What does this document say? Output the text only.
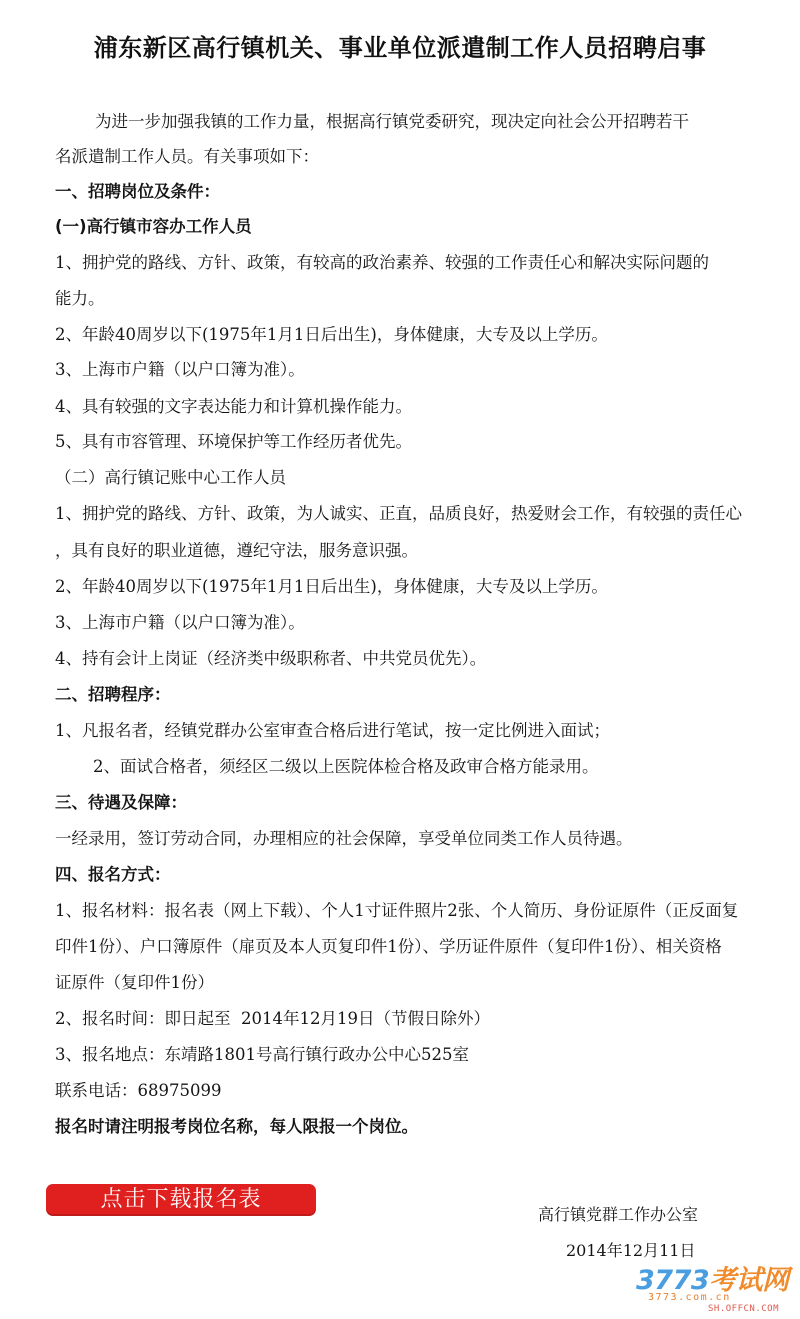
浦东新区高行镇机关、事业单位派遣制工作人员招聘启事
为进一步加强我镇的工作力量，根据高行镇党委研究，现决定向社会公开招聘若干
名派遣制工作人员。有关事项如下：
一、招聘岗位及条件：
(一)高行镇市容办工作人员
1、拥护党的路线、方针、政策，有较高的政治素养、较强的工作责任心和解决实际问题的
能力。
2、年龄40周岁以下(1975年1月1日后出生)，身体健康，大专及以上学历。
3、上海市户籍（以户口簿为准）。
4、具有较强的文字表达能力和计算机操作能力。
5、具有市容管理、环境保护等工作经历者优先。
（二）高行镇记账中心工作人员
1、拥护党的路线、方针、政策，为人诚实、正直，品质良好，热爱财会工作，有较强的责任心
，具有良好的职业道德，遵纪守法，服务意识强。
2、年龄40周岁以下(1975年1月1日后出生)，身体健康，大专及以上学历。
3、上海市户籍（以户口簿为准）。
4、持有会计上岗证（经济类中级职称者、中共党员优先）。
二、招聘程序：
1、凡报名者，经镇党群办公室审查合格后进行笔试，按一定比例进入面试；
2、面试合格者，须经区二级以上医院体检合格及政审合格方能录用。
三、待遇及保障：
一经录用，签订劳动合同，办理相应的社会保障，享受单位同类工作人员待遇。
四、报名方式：
1、报名材料：报名表（网上下载）、个人1寸证件照片2张、个人简历、身份证原件（正反面复
印件1份）、户口簿原件（扉页及本人页复印件1份）、学历证件原件（复印件1份）、相关资格
证原件（复印件1份）
2、报名时间：即日起至  2014年12月19日（节假日除外）
3、报名地点：东靖路1801号高行镇行政办公中心525室
联系电话：68975099
报名时请注明报考岗位名称，每人限报一个岗位。
点击下载报名表
高行镇党群工作办公室
2014年12月11日
3773考试网
3773.com.cn
SH.OFFCN.COM
